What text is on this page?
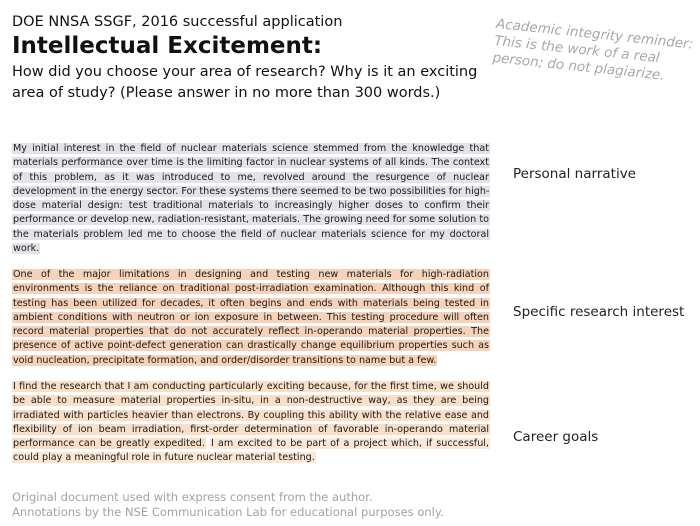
DOE NNSA SSGF, 2016 successful application

Intellectual Excitement:

How did you choose your area of research? Why is it an exciting area of study? (Please answer in no more than 300 words.)

Academic integrity reminder: This is the work of a real person; do not plagiarize.

My initial interest in the field of nuclear materials science stemmed from the knowledge that materials performance over time is the limiting factor in nuclear systems of all kinds. The context of this problem, as it was introduced to me, revolved around the resurgence of nuclear development in the energy sector. For these systems there seemed to be two possibilities for high-dose material design: test traditional materials to increasingly higher doses to confirm their performance or develop new, radiation-resistant, materials. The growing need for some solution to the materials problem led me to choose the field of nuclear materials science for my doctoral work.

One of the major limitations in designing and testing new materials for high-radiation environments is the reliance on traditional post-irradiation examination. Although this kind of testing has been utilized for decades, it often begins and ends with materials being tested in ambient conditions with neutron or ion exposure in between. This testing procedure will often record material properties that do not accurately reflect in-operando material properties. The presence of active point-defect generation can drastically change equilibrium properties such as void nucleation, precipitate formation, and order/disorder transitions to name but a few.

I find the research that I am conducting particularly exciting because, for the first time, we should be able to measure material properties in-situ, in a non-destructive way, as they are being irradiated with particles heavier than electrons. By coupling this ability with the relative ease and flexibility of ion beam irradiation, first-order determination of favorable in-operando material performance can be greatly expedited. I am excited to be part of a project which, if successful, could play a meaningful role in future nuclear material testing.

Personal narrative
Specific research interest
Career goals
Original document used with express consent from the author.
Annotations by the NSE Communication Lab for educational purposes only.
